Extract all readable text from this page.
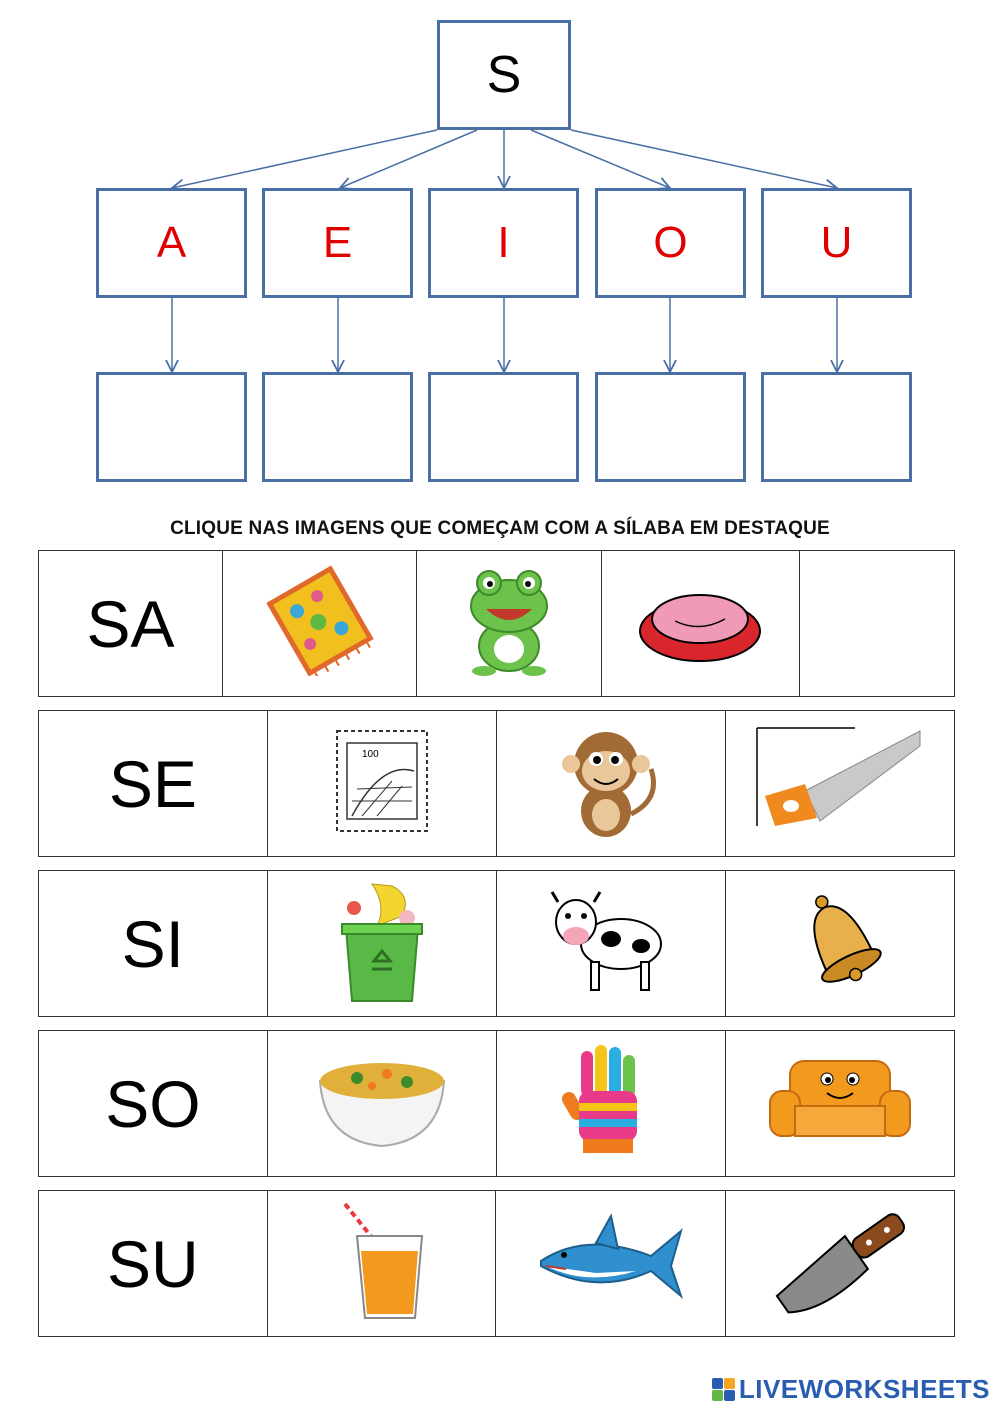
S
A	E	I	O	U
CLIQUE NAS IMAGENS QUE COMEÇAM COM A SÍLABA EM DESTAQUE
SA				
SE	100

SI			
SO			
SU			
LIVEWORKSHEETS
